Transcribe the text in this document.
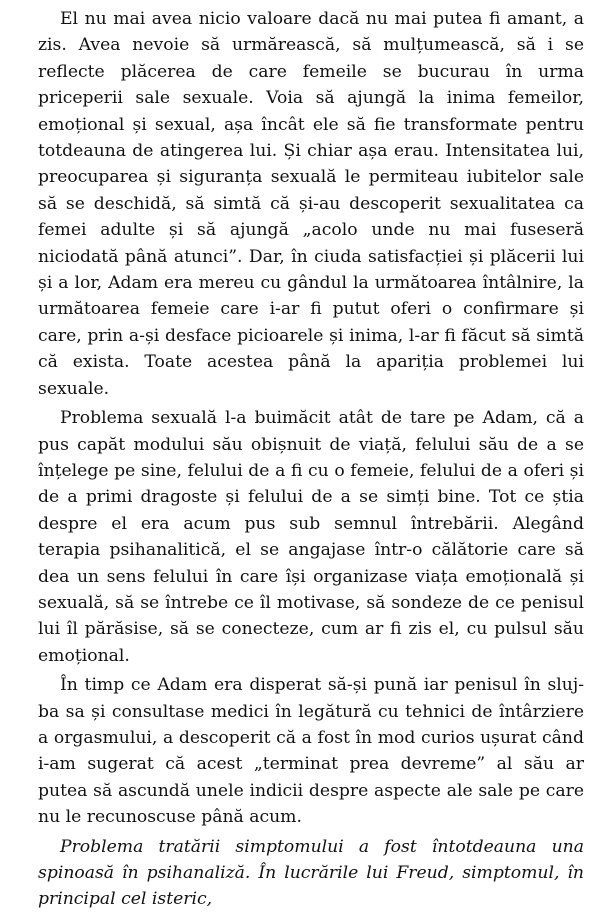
El nu mai avea nicio valoare dacă nu mai putea fi amant, a zis. Avea nevoie să urmărească, să mulțumească, să i se reflecte plăcerea de care femeile se bucurau în urma priceperii sale sexuale. Voia să ajungă la inima femeilor, emoțional și sexual, așa încât ele să fie transformate pentru totdeauna de atingerea lui. Și chiar așa erau. Intensitatea lui, preocuparea și siguranța sexuală le permiteau iubitelor sale să se deschidă, să simtă că și-au descoperit sexualitatea ca femei adulte și să ajungă „acolo unde nu mai fuseseră niciodată până atunci”. Dar, în ciuda satisfacției și plăcerii lui și a lor, Adam era mereu cu gândul la următoarea întâlnire, la următoarea femeie care i-ar fi putut oferi o confirmare și care, prin a-și desface picioarele și inima, l-ar fi făcut să simtă că exista. Toate acestea până la apariția problemei lui sexuale.

Problema sexuală l-a buimăcit atât de tare pe Adam, că a pus capăt modului său obișnuit de viață, felului său de a se înțelege pe sine, felului de a fi cu o femeie, felului de a oferi și de a primi dragoste și felului de a se simți bine. Tot ce știa despre el era acum pus sub semnul întrebării. Alegând terapia psihanalitică, el se angajase într-o călătorie care să dea un sens felului în care își organizase viața emoțională și sexuală, să se întrebe ce îl motivase, să sondeze de ce penisul lui îl părăsise, să se conecteze, cum ar fi zis el, cu pulsul său emoțional.

În timp ce Adam era disperat să-și pună iar penisul în slujba sa și consultase medici în legătură cu tehnici de întârziere a orgasmului, a descoperit că a fost în mod curios ușurat când i-am sugerat că acest „terminat prea devreme” al său ar putea să ascundă unele indicii despre aspecte ale sale pe care nu le recunoscuse până acum.

Problema tratării simptomului a fost întotdeauna una spinoasă în psihanaliză. În lucrările lui Freud, simptomul, în principal cel isteric,
